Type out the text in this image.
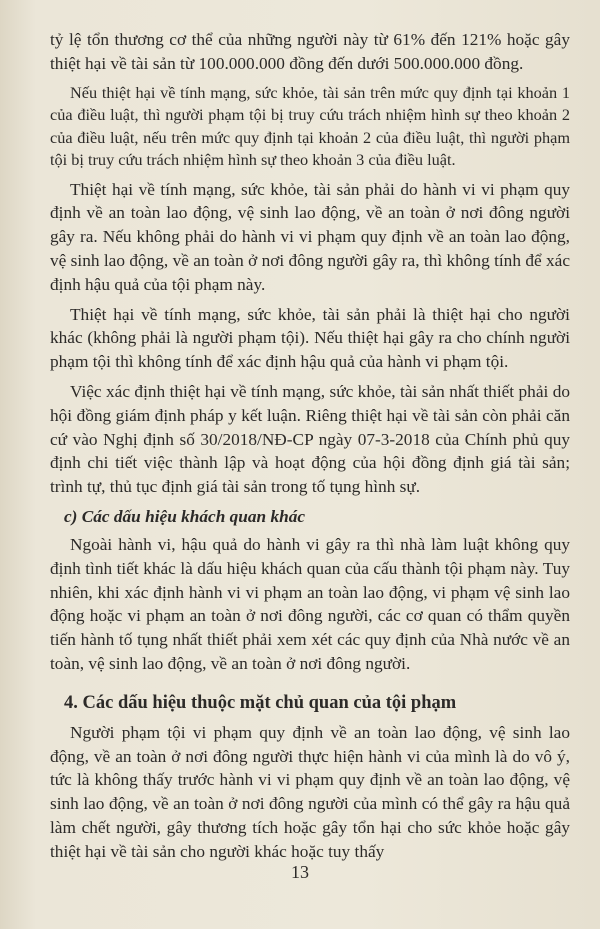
tỷ lệ tổn thương cơ thể của những người này từ 61% đến 121% hoặc gây thiệt hại về tài sản từ 100.000.000 đồng đến dưới 500.000.000 đồng.

Nếu thiệt hại về tính mạng, sức khỏe, tài sản trên mức quy định tại khoản 1 của điều luật, thì người phạm tội bị truy cứu trách nhiệm hình sự theo khoản 2 của điều luật, nếu trên mức quy định tại khoản 2 của điều luật, thì người phạm tội bị truy cứu trách nhiệm hình sự theo khoản 3 của điều luật.

Thiệt hại về tính mạng, sức khỏe, tài sản phải do hành vi vi phạm quy định về an toàn lao động, vệ sinh lao động, về an toàn ở nơi đông người gây ra. Nếu không phải do hành vi vi phạm quy định về an toàn lao động, vệ sinh lao động, về an toàn ở nơi đông người gây ra, thì không tính để xác định hậu quả của tội phạm này.

Thiệt hại về tính mạng, sức khỏe, tài sản phải là thiệt hại cho người khác (không phải là người phạm tội). Nếu thiệt hại gây ra cho chính người phạm tội thì không tính để xác định hậu quả của hành vi phạm tội.

Việc xác định thiệt hại về tính mạng, sức khỏe, tài sản nhất thiết phải do hội đồng giám định pháp y kết luận. Riêng thiệt hại về tài sản còn phải căn cứ vào Nghị định số 30/2018/NĐ-CP ngày 07-3-2018 của Chính phủ quy định chi tiết việc thành lập và hoạt động của hội đồng định giá tài sản; trình tự, thủ tục định giá tài sản trong tố tụng hình sự.

c) Các dấu hiệu khách quan khác

Ngoài hành vi, hậu quả do hành vi gây ra thì nhà làm luật không quy định tình tiết khác là dấu hiệu khách quan của cấu thành tội phạm này. Tuy nhiên, khi xác định hành vi vi phạm an toàn lao động, vi phạm vệ sinh lao động hoặc vi phạm an toàn ở nơi đông người, các cơ quan có thẩm quyền tiến hành tố tụng nhất thiết phải xem xét các quy định của Nhà nước về an toàn, vệ sinh lao động, về an toàn ở nơi đông người.

4. Các dấu hiệu thuộc mặt chủ quan của tội phạm

Người phạm tội vi phạm quy định về an toàn lao động, vệ sinh lao động, về an toàn ở nơi đông người thực hiện hành vi của mình là do vô ý, tức là không thấy trước hành vi vi phạm quy định về an toàn lao động, vệ sinh lao động, về an toàn ở nơi đông người của mình có thể gây ra hậu quả làm chết người, gây thương tích hoặc gây tổn hại cho sức khỏe hoặc gây thiệt hại về tài sản cho người khác hoặc tuy thấy

13
